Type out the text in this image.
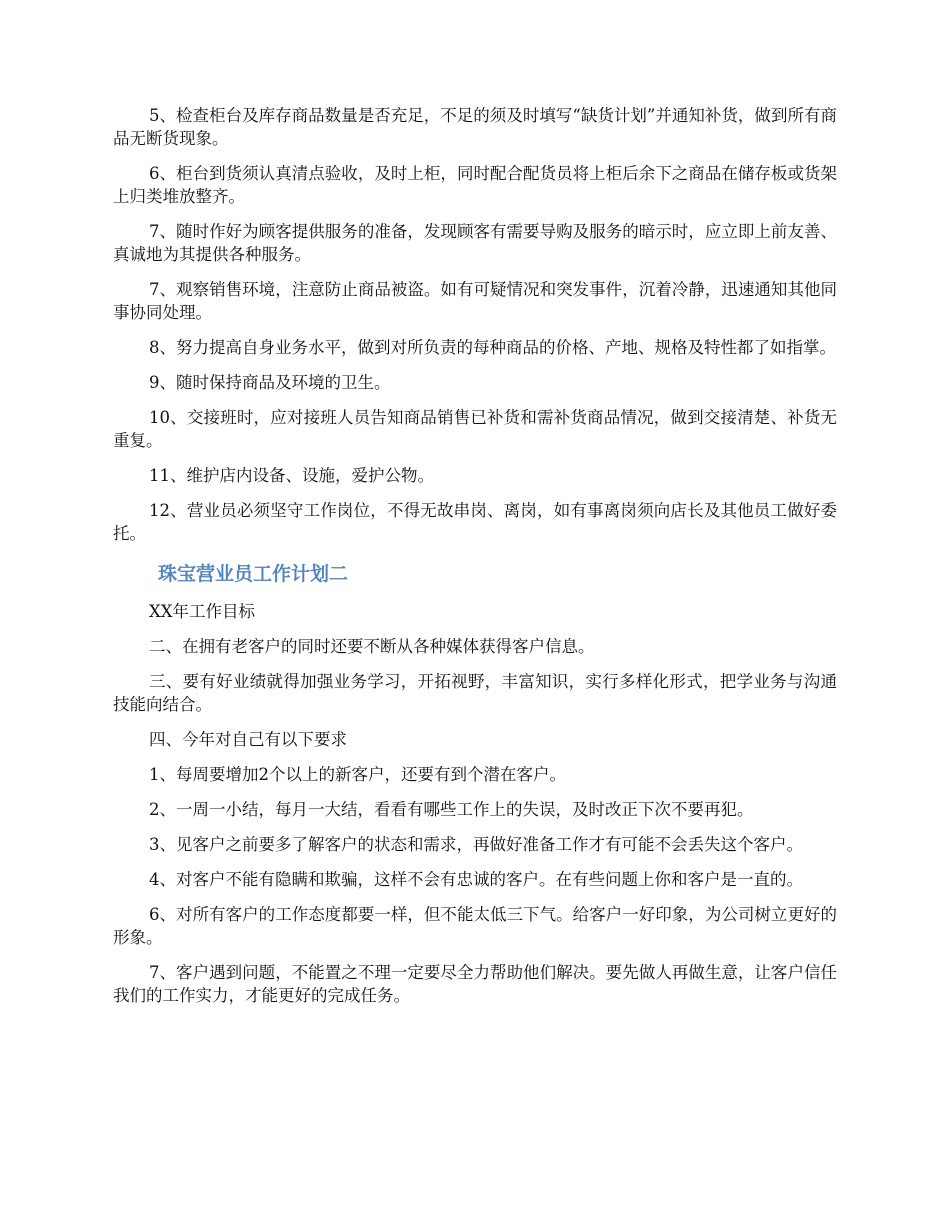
5、检查柜台及库存商品数量是否充足，不足的须及时填写“缺货计划”并通知补货，做到所有商品无断货现象。

6、柜台到货须认真清点验收，及时上柜，同时配合配货员将上柜后余下之商品在储存板或货架上归类堆放整齐。

7、随时作好为顾客提供服务的准备，发现顾客有需要导购及服务的暗示时，应立即上前友善、真诚地为其提供各种服务。

7、观察销售环境，注意防止商品被盗。如有可疑情况和突发事件，沉着冷静，迅速通知其他同事协同处理。

8、努力提高自身业务水平，做到对所负责的每种商品的价格、产地、规格及特性都了如指掌。

9、随时保持商品及环境的卫生。

10、交接班时，应对接班人员告知商品销售已补货和需补货商品情况，做到交接清楚、补货无重复。

11、维护店内设备、设施，爱护公物。

12、营业员必须坚守工作岗位，不得无故串岗、离岗，如有事离岗须向店长及其他员工做好委托。

珠宝营业员工作计划二

XX年工作目标

二、在拥有老客户的同时还要不断从各种媒体获得客户信息。

三、要有好业绩就得加强业务学习，开拓视野，丰富知识，实行多样化形式，把学业务与沟通技能向结合。

四、今年对自己有以下要求

1、每周要增加2个以上的新客户，还要有到个潜在客户。

2、一周一小结，每月一大结，看看有哪些工作上的失误，及时改正下次不要再犯。

3、见客户之前要多了解客户的状态和需求，再做好准备工作才有可能不会丢失这个客户。

4、对客户不能有隐瞒和欺骗，这样不会有忠诚的客户。在有些问题上你和客户是一直的。

6、对所有客户的工作态度都要一样，但不能太低三下气。给客户一好印象，为公司树立更好的形象。

7、客户遇到问题，不能置之不理一定要尽全力帮助他们解决。要先做人再做生意，让客户信任我们的工作实力，才能更好的完成任务。
